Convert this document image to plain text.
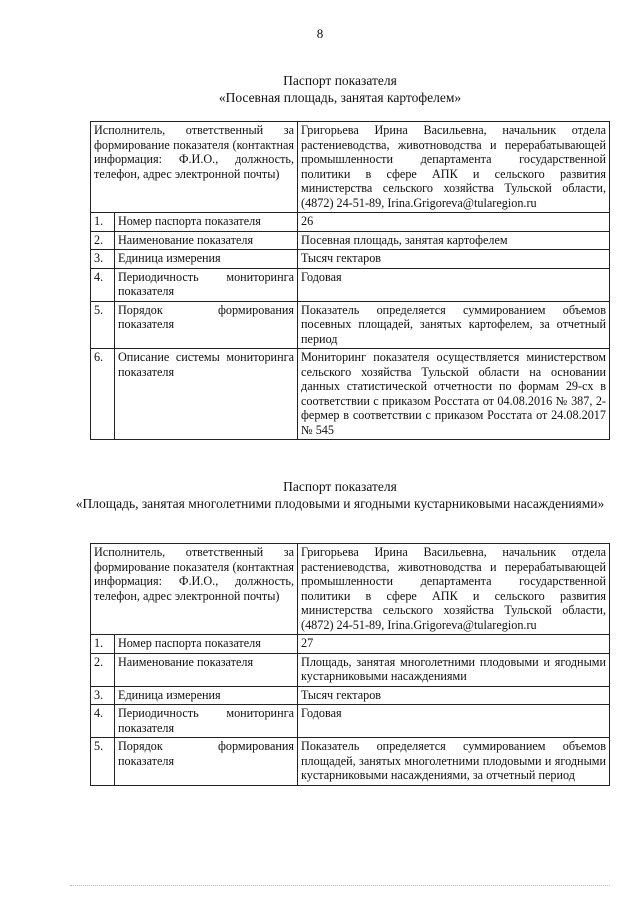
8
Паспорт показателя
«Посевная площадь, занятая картофелем»
Исполнитель, ответственный за формирование показателя (контактная информация: Ф.И.О., должность, телефон, адрес электронной почты)		Григорьева Ирина Васильевна, начальник отдела растениеводства, животноводства и перерабатывающей промышленности департамента государственной политики в сфере АПК и сельского развития министерства сельского хозяйства Тульской области, (4872) 24-51-89, Irina.Grigoreva@tularegion.ru
1.	Номер паспорта показателя	26
2.	Наименование показателя	Посевная площадь, занятая картофелем
3.	Единица измерения	Тысяч гектаров
4.	Периодичность мониторинга показателя	Годовая
5.	Порядок формирования показателя	Показатель определяется суммированием объемов посевных площадей, занятых картофелем, за отчетный период
6.	Описание системы мониторинга показателя	Мониторинг показателя осуществляется министерством сельского хозяйства Тульской области на основании данных статистической отчетности по формам 29-сх в соответствии с приказом Росстата от 04.08.2016 № 387, 2-фермер в соответствии с приказом Росстата от 24.08.2017 № 545
Паспорт показателя
«Площадь, занятая многолетними плодовыми и ягодными кустарниковыми насаждениями»
Исполнитель, ответственный за формирование показателя (контактная информация: Ф.И.О., должность, телефон, адрес электронной почты)		Григорьева Ирина Васильевна, начальник отдела растениеводства, животноводства и перерабатывающей промышленности департамента государственной политики в сфере АПК и сельского развития министерства сельского хозяйства Тульской области, (4872) 24-51-89, Irina.Grigoreva@tularegion.ru
1.	Номер паспорта показателя	27
2.	Наименование показателя	Площадь, занятая многолетними плодовыми и ягодными кустарниковыми насаждениями
3.	Единица измерения	Тысяч гектаров
4.	Периодичность мониторинга показателя	Годовая
5.	Порядок формирования показателя	Показатель определяется суммированием объемов площадей, занятых многолетними плодовыми и ягодными кустарниковыми насаждениями, за отчетный период
